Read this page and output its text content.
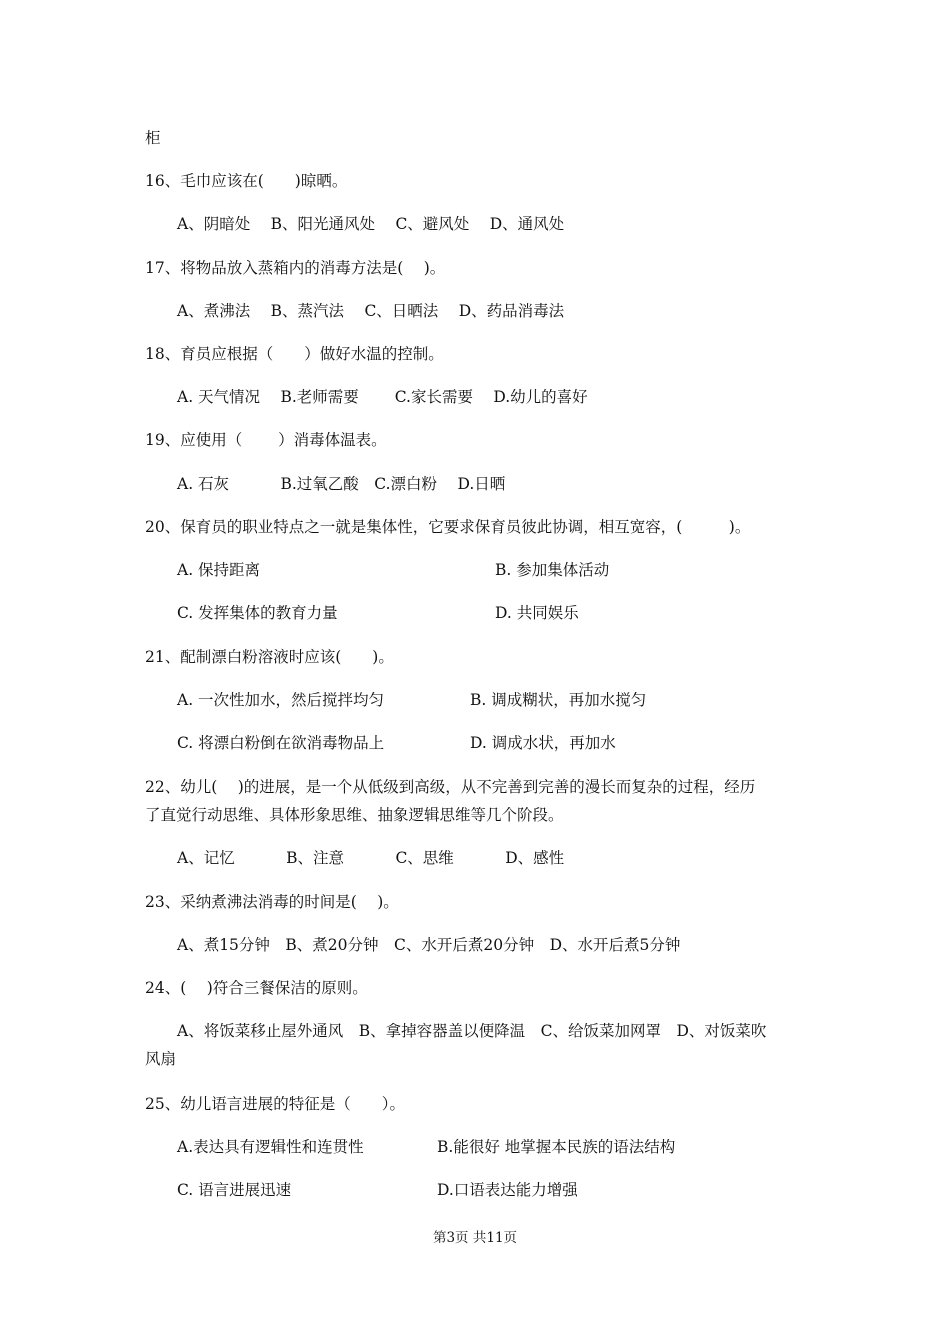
柜
16、毛巾应该在(　　)晾晒。
A、阴暗处　 B、阳光通风处　 C、避风处　 D、通风处
17、将物品放入蒸箱内的消毒方法是(　 )。
A、煮沸法　 B、蒸汽法　 C、日晒法　 D、药品消毒法
18、育员应根据（　　）做好水温的控制。
A. 天气情况　 B.老师需要　　 C.家长需要　 D.幼儿的喜好
19、应使用（　　 ）消毒体温表。
A. 石灰　　　 B.过氧乙酸　C.漂白粉　 D.日晒
20、保育员的职业特点之一就是集体性，它要求保育员彼此协调，相互宽容，(　　　)。
A. 保持距离	B. 参加集体活动
C. 发挥集体的教育力量	D. 共同娱乐
21、配制漂白粉溶液时应该(　　)。
A. 一次性加水，然后搅拌均匀	B. 调成糊状，再加水搅匀
C. 将漂白粉倒在欲消毒物品上	D. 调成水状，再加水
22、幼儿(　 )的进展，是一个从低级到高级，从不完善到完善的漫长而复杂的过程，经历
了直觉行动思维、具体形象思维、抽象逻辑思维等几个阶段。
A、记忆　　　 B、注意　　　 C、思维　　　 D、感性
23、采纳煮沸法消毒的时间是(　 )。
A、煮15分钟　B、煮20分钟　C、水开后煮20分钟　D、水开后煮5分钟
24、(　 )符合三餐保洁的原则。
A、将饭菜移止屋外通风　B、拿掉容器盖以便降温　C、给饭菜加网罩　D、对饭菜吹
风扇
25、幼儿语言进展的特征是（　　）。
A.表达具有逻辑性和连贯性	B.能很好 地掌握本民族的语法结构
C. 语言进展迅速	D.口语表达能力增强
第3页 共11页
